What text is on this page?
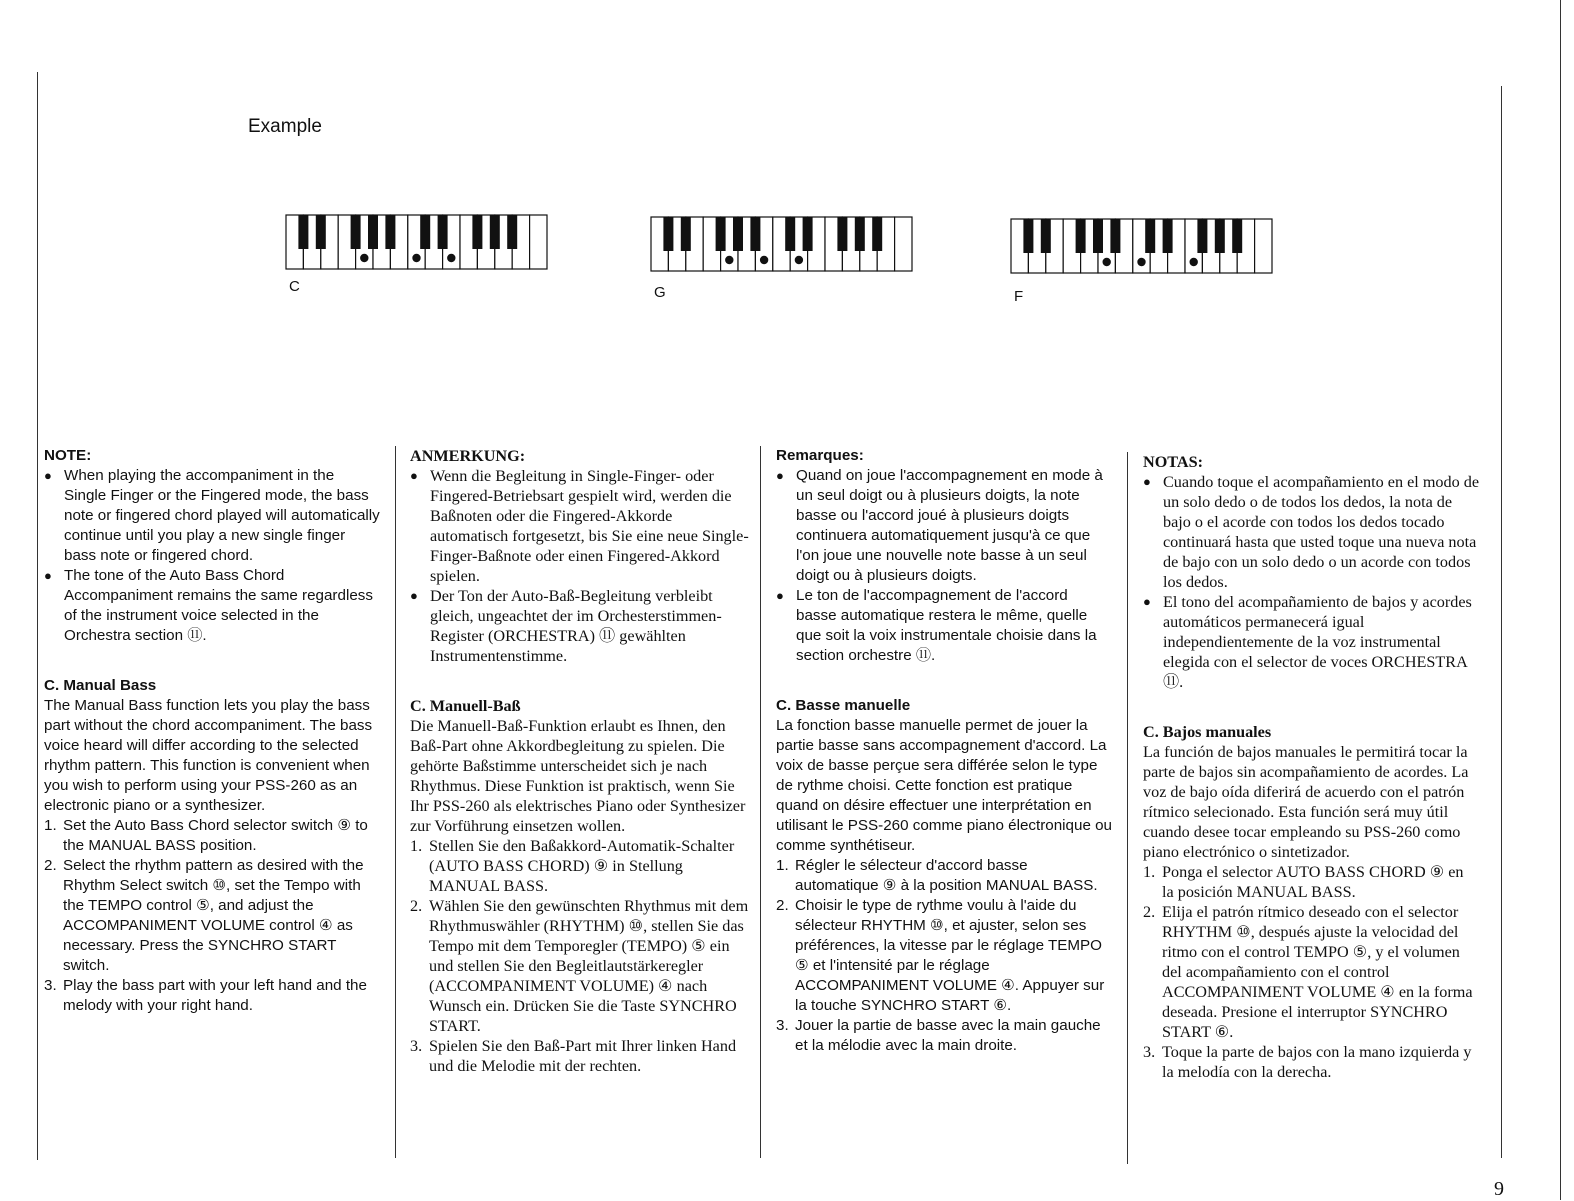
Example
C	G	F

NOTE:

● When playing the accompaniment in the Single Finger or the Fingered mode, the bass note or fingered chord played will automatically continue until you play a new single finger bass note or fingered chord.
● The tone of the Auto Bass Chord Accompaniment remains the same regardless of the instrument voice selected in the Orchestra section ⑪.

C. Manual Bass

The Manual Bass function lets you play the bass part without the chord accompaniment. The bass voice heard will differ according to the selected rhythm pattern. This function is convenient when you wish to perform using your PSS-260 as an electronic piano or a synthesizer.

1. Set the Auto Bass Chord selector switch ⑨ to the MANUAL BASS position.
2. Select the rhythm pattern as desired with the Rhythm Select switch ⑩, set the Tempo with the TEMPO control ⑤, and adjust the ACCOMPANIMENT VOLUME control ④ as necessary. Press the SYNCHRO START switch.
3. Play the bass part with your left hand and the melody with your right hand.

ANMERKUNG:

● Wenn die Begleitung in Single-Finger- oder Fingered-Betriebsart gespielt wird, werden die Baßnoten oder die Fingered-Akkorde automatisch fortgesetzt, bis Sie eine neue Single-Finger-Baßnote oder einen Fingered-Akkord spielen.
● Der Ton der Auto-Baß-Begleitung verbleibt gleich, ungeachtet der im Orchesterstimmen-Register (ORCHESTRA) ⑪ gewählten Instrumentenstimme.

C. Manuell-Baß

Die Manuell-Baß-Funktion erlaubt es Ihnen, den Baß-Part ohne Akkordbegleitung zu spielen. Die gehörte Baßstimme unterscheidet sich je nach Rhythmus. Diese Funktion ist praktisch, wenn Sie Ihr PSS-260 als elektrisches Piano oder Synthesizer zur Vorführung einsetzen wollen.

1. Stellen Sie den Baßakkord-Automatik-Schalter (AUTO BASS CHORD) ⑨ in Stellung MANUAL BASS.
2. Wählen Sie den gewünschten Rhythmus mit dem Rhythmuswähler (RHYTHM) ⑩, stellen Sie das Tempo mit dem Temporegler (TEMPO) ⑤ ein und stellen Sie den Begleitlautstärkeregler (ACCOMPANIMENT VOLUME) ④ nach Wunsch ein. Drücken Sie die Taste SYNCHRO START.
3. Spielen Sie den Baß-Part mit Ihrer linken Hand und die Melodie mit der rechten.

Remarques:

● Quand on joue l'accompagnement en mode à un seul doigt ou à plusieurs doigts, la note basse ou l'accord joué à plusieurs doigts continuera automatiquement jusqu'à ce que l'on joue une nouvelle note basse à un seul doigt ou à plusieurs doigts.
● Le ton de l'accompagnement de l'accord basse automatique restera le même, quelle que soit la voix instrumentale choisie dans la section orchestre ⑪.

C. Basse manuelle

La fonction basse manuelle permet de jouer la partie basse sans accompagnement d'accord. La voix de basse perçue sera différée selon le type de rythme choisi. Cette fonction est pratique quand on désire effectuer une interprétation en utilisant le PSS-260 comme piano électronique ou comme synthétiseur.

1. Régler le sélecteur d'accord basse automatique ⑨ à la position MANUAL BASS.
2. Choisir le type de rythme voulu à l'aide du sélecteur RHYTHM ⑩, et ajuster, selon ses préférences, la vitesse par le réglage TEMPO ⑤ et l'intensité par le réglage ACCOMPANIMENT VOLUME ④. Appuyer sur la touche SYNCHRO START ⑥.
3. Jouer la partie de basse avec la main gauche et la mélodie avec la main droite.

NOTAS:

● Cuando toque el acompañamiento en el modo de un solo dedo o de todos los dedos, la nota de bajo o el acorde con todos los dedos tocado continuará hasta que usted toque una nueva nota de bajo con un solo dedo o un acorde con todos los dedos.
● El tono del acompañamiento de bajos y acordes automáticos permanecerá igual independientemente de la voz instrumental elegida con el selector de voces ORCHESTRA ⑪.

C. Bajos manuales

La función de bajos manuales le permitirá tocar la parte de bajos sin acompañamiento de acordes. La voz de bajo oída diferirá de acuerdo con el patrón rítmico selecionado. Esta función será muy útil cuando desee tocar empleando su PSS-260 como piano electrónico o sintetizador.

1. Ponga el selector AUTO BASS CHORD ⑨ en la posición MANUAL BASS.
2. Elija el patrón rítmico deseado con el selector RHYTHM ⑩, después ajuste la velocidad del ritmo con el control TEMPO ⑤, y el volumen del acompañamiento con el control ACCOMPANIMENT VOLUME ④ en la forma deseada. Presione el interruptor SYNCHRO START ⑥.
3. Toque la parte de bajos con la mano izquierda y la melodía con la derecha.
9
